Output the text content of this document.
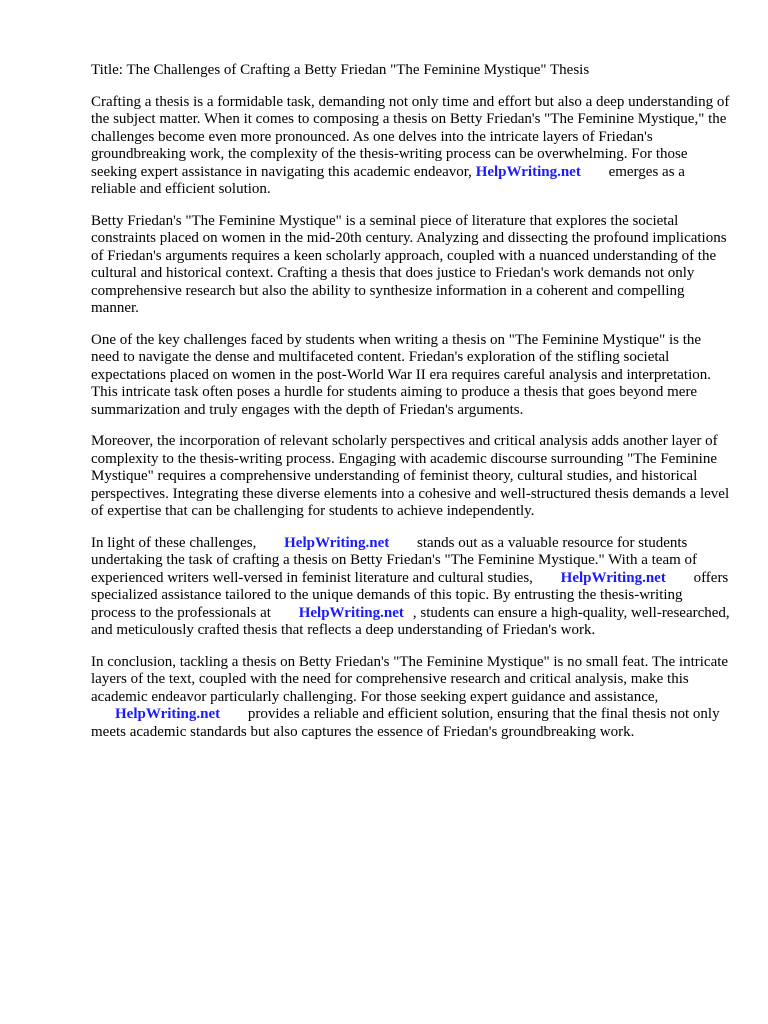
Title: The Challenges of Crafting a Betty Friedan "The Feminine Mystique" Thesis

Crafting a thesis is a formidable task, demanding not only time and effort but also a deep understanding of the subject matter. When it comes to composing a thesis on Betty Friedan's "The Feminine Mystique," the challenges become even more pronounced. As one delves into the intricate layers of Friedan's groundbreaking work, the complexity of the thesis-writing process can be overwhelming. For those seeking expert assistance in navigating this academic endeavor, HelpWriting.net emerges as a reliable and efficient solution.

Betty Friedan's "The Feminine Mystique" is a seminal piece of literature that explores the societal constraints placed on women in the mid-20th century. Analyzing and dissecting the profound implications of Friedan's arguments requires a keen scholarly approach, coupled with a nuanced understanding of the cultural and historical context. Crafting a thesis that does justice to Friedan's work demands not only comprehensive research but also the ability to synthesize information in a coherent and compelling manner.

One of the key challenges faced by students when writing a thesis on "The Feminine Mystique" is the need to navigate the dense and multifaceted content. Friedan's exploration of the stifling societal expectations placed on women in the post-World War II era requires careful analysis and interpretation. This intricate task often poses a hurdle for students aiming to produce a thesis that goes beyond mere summarization and truly engages with the depth of Friedan's arguments.

Moreover, the incorporation of relevant scholarly perspectives and critical analysis adds another layer of complexity to the thesis-writing process. Engaging with academic discourse surrounding "The Feminine Mystique" requires a comprehensive understanding of feminist theory, cultural studies, and historical perspectives. Integrating these diverse elements into a cohesive and well-structured thesis demands a level of expertise that can be challenging for students to achieve independently.

In light of these challenges, HelpWriting.net stands out as a valuable resource for students undertaking the task of crafting a thesis on Betty Friedan's "The Feminine Mystique." With a team of experienced writers well-versed in feminist literature and cultural studies, HelpWriting.net offers specialized assistance tailored to the unique demands of this topic. By entrusting the thesis-writing process to the professionals at HelpWriting.net , students can ensure a high-quality, well-researched, and meticulously crafted thesis that reflects a deep understanding of Friedan's work.

In conclusion, tackling a thesis on Betty Friedan's "The Feminine Mystique" is no small feat. The intricate layers of the text, coupled with the need for comprehensive research and critical analysis, make this academic endeavor particularly challenging. For those seeking expert guidance and assistance, HelpWriting.net provides a reliable and efficient solution, ensuring that the final thesis not only meets academic standards but also captures the essence of Friedan's groundbreaking work.
